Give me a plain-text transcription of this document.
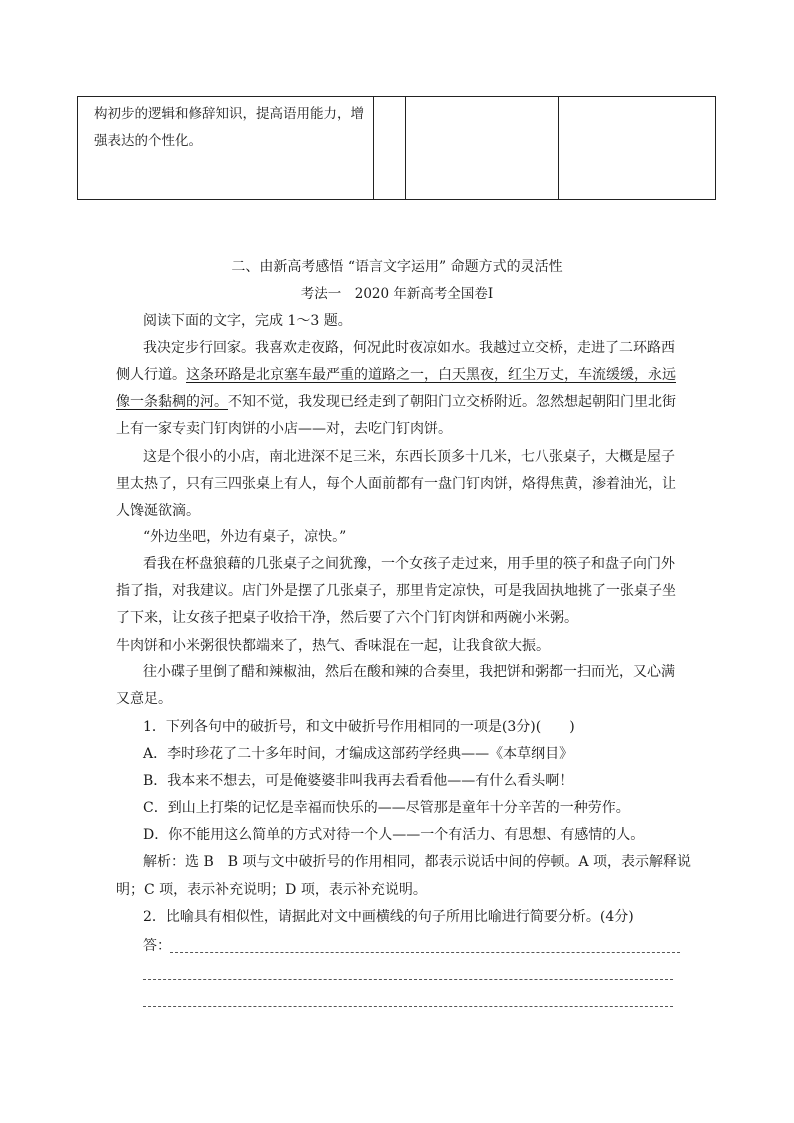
构初步的逻辑和修辞知识，提高语用能力，增
强表达的个性化。
二、由新高考感悟 “语言文字运用” 命题方式的灵活性
考法一　2020 年新高考全国卷Ⅰ
阅读下面的文字，完成 1～3 题。
我决定步行回家。我喜欢走夜路，何况此时夜凉如水。我越过立交桥，走进了二环路西
侧人行道。这条环路是北京塞车最严重的道路之一，白天黑夜，红尘万丈，车流缓缓，永远
像一条黏稠的河。不知不觉，我发现已经走到了朝阳门立交桥附近。忽然想起朝阳门里北街
上有一家专卖门钉肉饼的小店——对，去吃门钉肉饼。
这是个很小的小店，南北进深不足三米，东西长顶多十几米，七八张桌子，大概是屋子
里太热了，只有三四张桌上有人，每个人面前都有一盘门钉肉饼，烙得焦黄，渗着油光，让
人馋涎欲滴。
“外边坐吧，外边有桌子，凉快。”
看我在杯盘狼藉的几张桌子之间犹豫，一个女孩子走过来，用手里的筷子和盘子向门外
指了指，对我建议。店门外是摆了几张桌子，那里肯定凉快，可是我固执地挑了一张桌子坐
了下来，让女孩子把桌子收拾干净，然后要了六个门钉肉饼和两碗小米粥。
牛肉饼和小米粥很快都端来了，热气、香味混在一起，让我食欲大振。
往小碟子里倒了醋和辣椒油，然后在酸和辣的合奏里，我把饼和粥都一扫而光，又心满
又意足。
1．下列各句中的破折号，和文中破折号作用相同的一项是(3分)(　　)
A．李时珍花了二十多年时间，才编成这部药学经典——《本草纲目》
B．我本来不想去，可是俺婆婆非叫我再去看看他——有什么看头啊！
C．到山上打柴的记忆是幸福而快乐的——尽管那是童年十分辛苦的一种劳作。
D．你不能用这么简单的方式对待一个人——一个有活力、有思想、有感情的人。
解析：选 B　B 项与文中破折号的作用相同，都表示说话中间的停顿。A 项，表示解释说
明；C 项，表示补充说明；D 项，表示补充说明。
2．比喻具有相似性，请据此对文中画横线的句子所用比喻进行简要分析。(4分)
答：
